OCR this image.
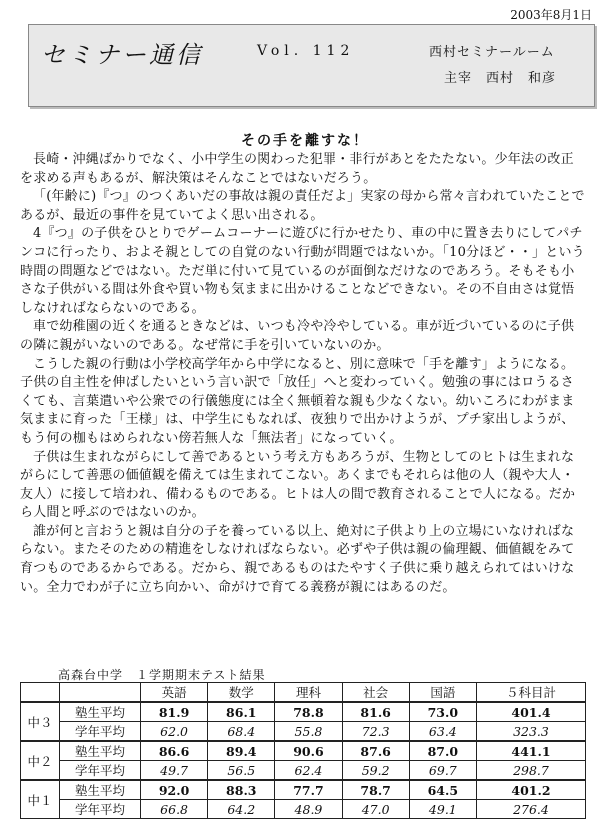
2003年8月1日
セミナー通信	Vol. 112	西村セミナールーム
主宰　西村　和彦
その手を離すな！

長崎・沖縄ばかりでなく、小中学生の関わった犯罪・非行があとをたたない。少年法の改正を求める声もあるが、解決策はそんなことではないだろう。

「(年齢に)『つ』のつくあいだの事故は親の責任だよ」実家の母から常々言われていたことであるが、最近の事件を見ていてよく思い出される。

4『つ』の子供をひとりでゲームコーナーに遊びに行かせたり、車の中に置き去りにしてパチンコに行ったり、およそ親としての自覚のない行動が問題ではないか。「10分ほど・・」という時間の問題などではない。ただ単に付いて見ているのが面倒なだけなのであろう。そもそも小さな子供がいる間は外食や買い物も気ままに出かけることなどできない。その不自由さは覚悟しなければならないのである。

車で幼稚園の近くを通るときなどは、いつも冷や冷やしている。車が近づいているのに子供の隣に親がいないのである。なぜ常に手を引いていないのか。

こうした親の行動は小学校高学年から中学になると、別に意味で「手を離す」ようになる。子供の自主性を伸ばしたいという言い訳で「放任」へと変わっていく。勉強の事にはロうるさくても、言葉遣いや公衆での行儀態度には全く無頓着な親も少なくない。幼いころにわがまま気ままに育った「王様」は、中学生にもなれば、夜独りで出かけようが、プチ家出しようが、もう何の枷もはめられない傍若無人な「無法者」になっていく。

子供は生まれながらにして善であるという考え方もあろうが、生物としてのヒトは生まれながらにして善悪の価値観を備えては生まれてこない。あくまでもそれらは他の人（親や大人・友人）に接して培われ、備わるものである。ヒトは人の間で教育されることで人になる。だから人間と呼ぶのではないのか。

誰が何と言おうと親は自分の子を養っている以上、絶対に子供より上の立場にいなければならない。またそのための精進をしなければならない。必ずや子供は親の倫理観、価値観をみて育つものであるからである。だから、親であるものはたやすく子供に乗り越えられてはいけない。全力でわが子に立ち向かい、命がけで育てる義務が親にはあるのだ。

高森台中学　１学期期末テスト結果
		英語	数学	理科	社会	国語	５科目計
中３	塾生平均	81.9	86.1	78.8	81.6	73.0	401.4
	学年平均	62.0	68.4	55.8	72.3	63.4	323.3
中２	塾生平均	86.6	89.4	90.6	87.6	87.0	441.1
	学年平均	49.7	56.5	62.4	59.2	69.7	298.7
中１	塾生平均	92.0	88.3	77.7	78.7	64.5	401.2
	学年平均	66.8	64.2	48.9	47.0	49.1	276.4
